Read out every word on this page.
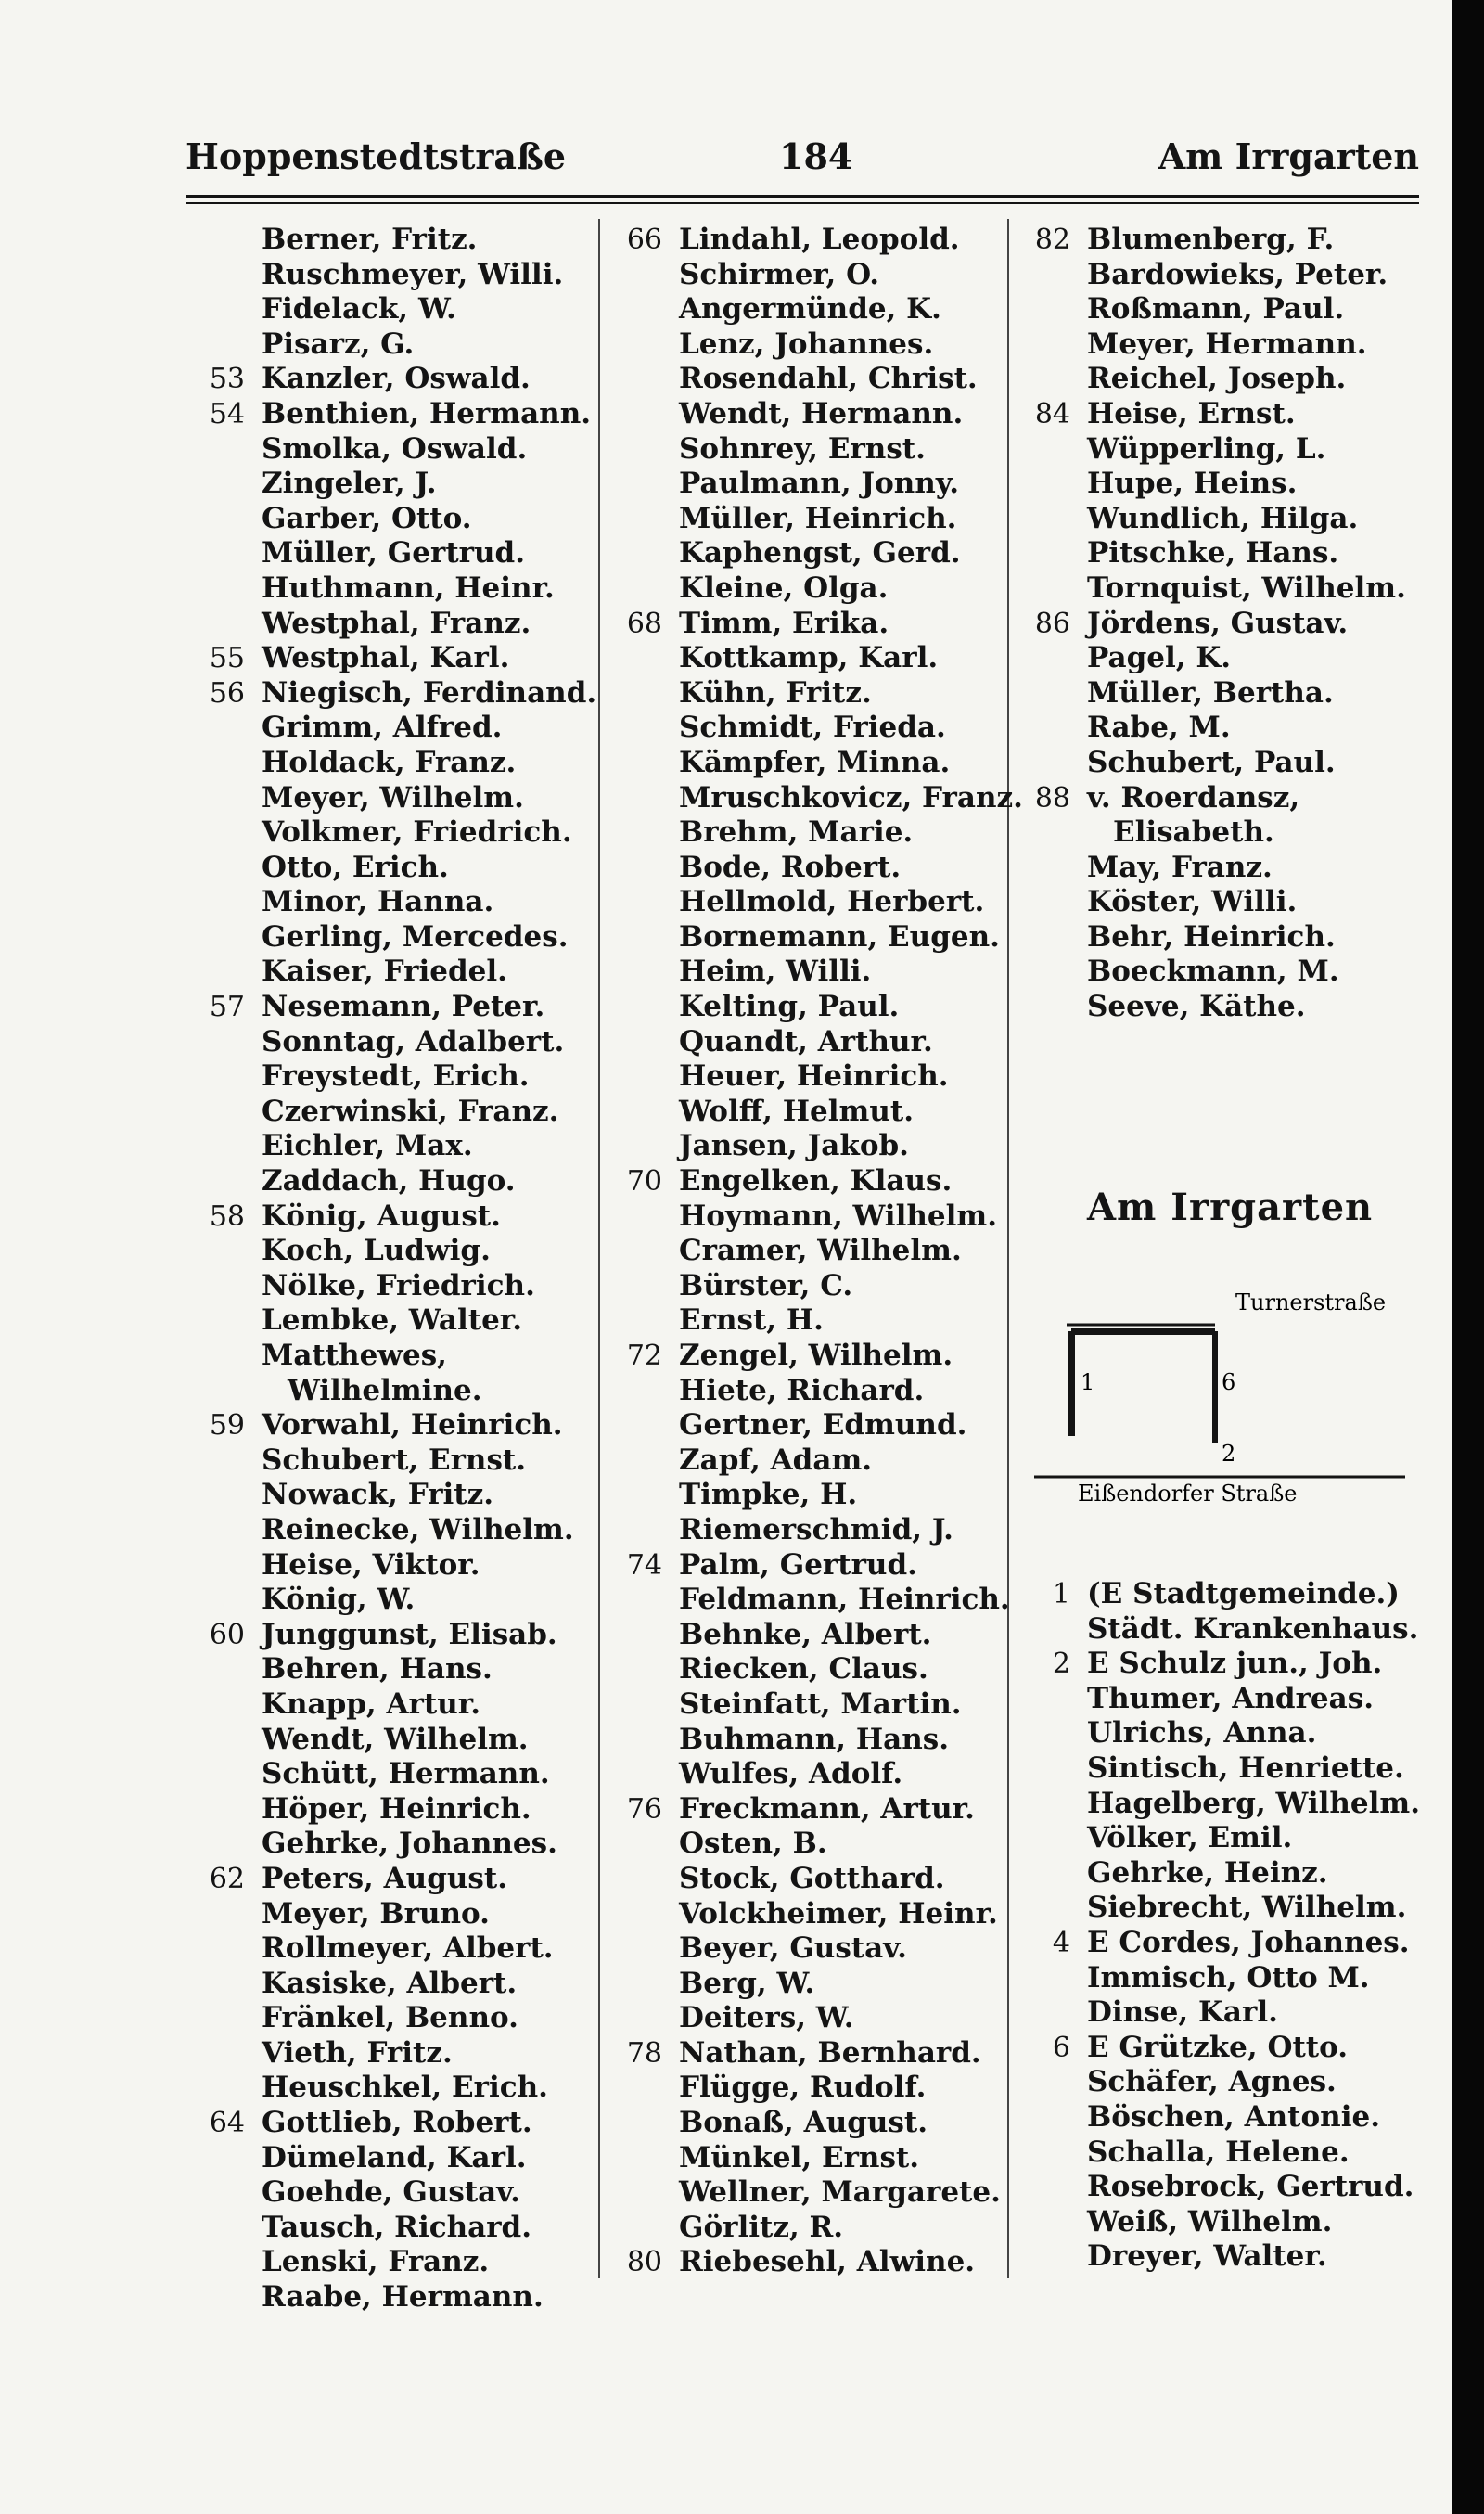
Hoppenstedtstraße	184	Am Irrgarten
Berner, Fritz.
Ruschmeyer, Willi.
Fidelack, W.
Pisarz, G.
53 Kanzler, Oswald.
54 Benthien, Hermann.
Smolka, Oswald.
Zingeler, J.
Garber, Otto.
Müller, Gertrud.
Huthmann, Heinr.
Westphal, Franz.
55 Westphal, Karl.
56 Niegisch, Ferdinand.
Grimm, Alfred.
Holdack, Franz.
Meyer, Wilhelm.
Volkmer, Friedrich.
Otto, Erich.
Minor, Hanna.
Gerling, Mercedes.
Kaiser, Friedel.
57 Nesemann, Peter.
Sonntag, Adalbert.
Freystedt, Erich.
Czerwinski, Franz.
Eichler, Max.
Zaddach, Hugo.
58 König, August.
Koch, Ludwig.
Nölke, Friedrich.
Lembke, Walter.
Matthewes,
Wilhelmine.
59 Vorwahl, Heinrich.
Schubert, Ernst.
Nowack, Fritz.
Reinecke, Wilhelm.
Heise, Viktor.
König, W.
60 Junggunst, Elisab.
Behren, Hans.
Knapp, Artur.
Wendt, Wilhelm.
Schütt, Hermann.
Höper, Heinrich.
Gehrke, Johannes.
62 Peters, August.
Meyer, Bruno.
Rollmeyer, Albert.
Kasiske, Albert.
Fränkel, Benno.
Vieth, Fritz.
Heuschkel, Erich.
64 Gottlieb, Robert.
Dümeland, Karl.
Goehde, Gustav.
Tausch, Richard.
Lenski, Franz.
Raabe, Hermann.
66 Lindahl, Leopold.
Schirmer, O.
Angermünde, K.
Lenz, Johannes.
Rosendahl, Christ.
Wendt, Hermann.
Sohnrey, Ernst.
Paulmann, Jonny.
Müller, Heinrich.
Kaphengst, Gerd.
Kleine, Olga.
68 Timm, Erika.
Kottkamp, Karl.
Kühn, Fritz.
Schmidt, Frieda.
Kämpfer, Minna.
Mruschkovicz, Franz.
Brehm, Marie.
Bode, Robert.
Hellmold, Herbert.
Bornemann, Eugen.
Heim, Willi.
Kelting, Paul.
Quandt, Arthur.
Heuer, Heinrich.
Wolff, Helmut.
Jansen, Jakob.
70 Engelken, Klaus.
Hoymann, Wilhelm.
Cramer, Wilhelm.
Bürster, C.
Ernst, H.
72 Zengel, Wilhelm.
Hiete, Richard.
Gertner, Edmund.
Zapf, Adam.
Timpke, H.
Riemerschmid, J.
74 Palm, Gertrud.
Feldmann, Heinrich.
Behnke, Albert.
Riecken, Claus.
Steinfatt, Martin.
Buhmann, Hans.
Wulfes, Adolf.
76 Freckmann, Artur.
Osten, B.
Stock, Gotthard.
Volckheimer, Heinr.
Beyer, Gustav.
Berg, W.
Deiters, W.
78 Nathan, Bernhard.
Flügge, Rudolf.
Bonaß, August.
Münkel, Ernst.
Wellner, Margarete.
Görlitz, R.
80 Riebesehl, Alwine.
82 Blumenberg, F.
Bardowieks, Peter.
Roßmann, Paul.
Meyer, Hermann.
Reichel, Joseph.
84 Heise, Ernst.
Wüpperling, L.
Hupe, Heins.
Wundlich, Hilga.
Pitschke, Hans.
Tornquist, Wilhelm.
86 Jördens, Gustav.
Pagel, K.
Müller, Bertha.
Rabe, M.
Schubert, Paul.
88 v. Roerdansz,
Elisabeth.
May, Franz.
Köster, Willi.
Behr, Heinrich.
Boeckmann, M.
Seeve, Käthe.
Am Irrgarten
Turnerstraße
1	6
2
Eißendorfer Straße
1 (E Stadtgemeinde.)
Städt. Krankenhaus.
2 E Schulz jun., Joh.
Thumer, Andreas.
Ulrichs, Anna.
Sintisch, Henriette.
Hagelberg, Wilhelm.
Völker, Emil.
Gehrke, Heinz.
Siebrecht, Wilhelm.
4 E Cordes, Johannes.
Immisch, Otto M.
Dinse, Karl.
6 E Grützke, Otto.
Schäfer, Agnes.
Böschen, Antonie.
Schalla, Helene.
Rosebrock, Gertrud.
Weiß, Wilhelm.
Dreyer, Walter.
